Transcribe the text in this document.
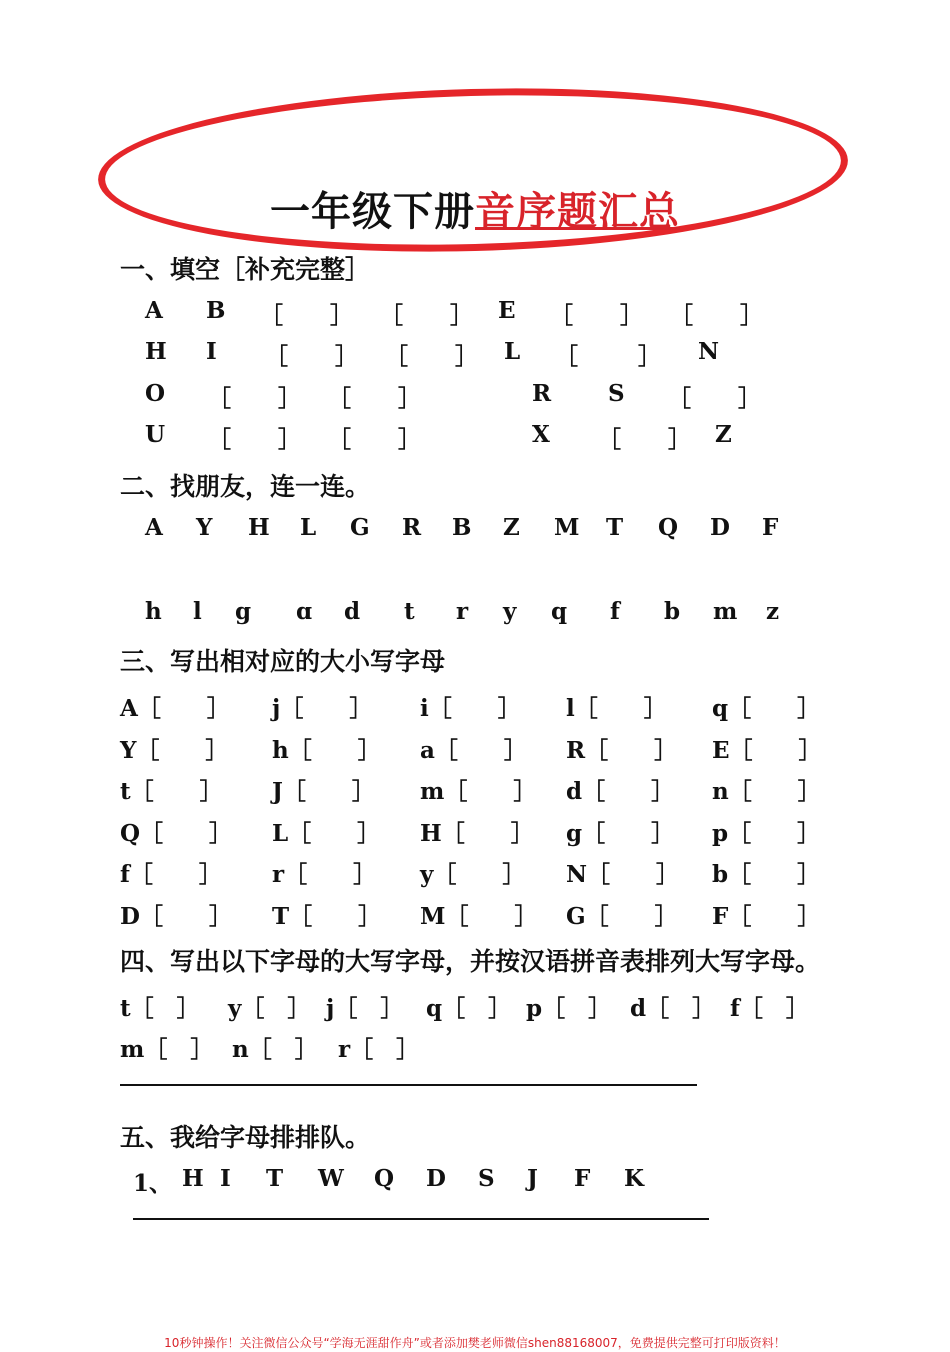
一年级下册音序题汇总
一、填空［补充完整］
A B ［ ］ ［ ］ E ［ ］ ［ ］
H I ［ ］ ［ ］ L ［	］ N
O ［ ］ ［ ］	R S ［ ］
U ［ ］ ［ ］	X ［ ］ Z
二、找朋友，连一连。
A Y H L G R B Z M T Q D F
h l g ɑ d t r y q f b m z
三、写出相对应的大小写字母
A［　　］ j［　　］ i［　　］ l［　　］ q［　　］
Y［　　］ h［　　］ a［　　］ R［　　］ E［　　］
t［　　］ J［　　］ m［　　］ d［　　］ n［　　］
Q［　　］ L［　　］ H［　　］ g［　　］ p［　　］
f［　　］ r［　　］ y［　　］ N［　　］ b［　　］
D［　　］ T［　　］ M［　　］ G［　　］ F［　　］
四、写出以下字母的大写字母，并按汉语拼音表排列大写字母。
t［　］ y［　］ j［　］ q［　］ p［　］ d［　］ f［　］
m［　］ n［　］ r［　］
五、我给字母排排队。
1、 H I T W Q D S J F K
10秒钟操作！关注微信公众号“学海无涯甜作舟”或者添加樊老师微信shen88168007，免费提供完整可打印版资料！
